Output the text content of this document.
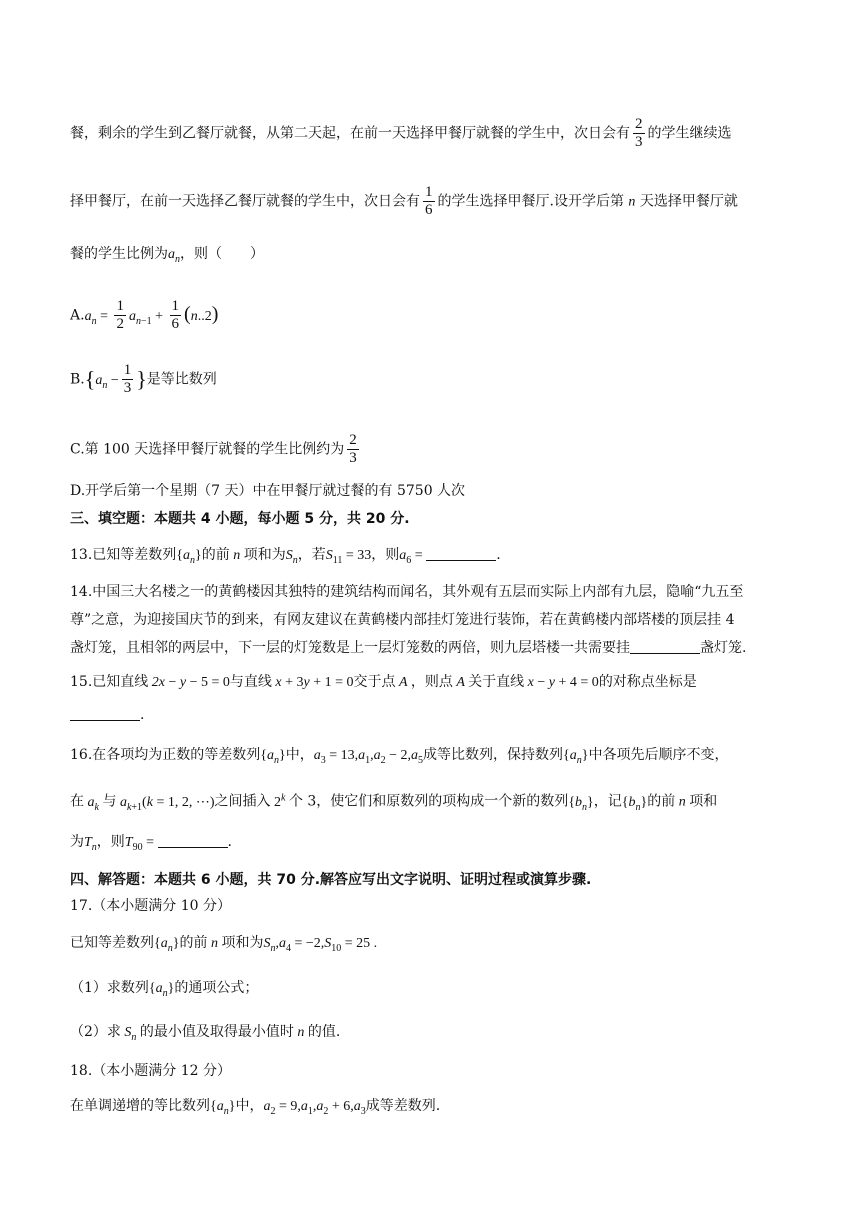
餐，剩余的学生到乙餐厅就餐，从第二天起，在前一天选择甲餐厅就餐的学生中，次日会有 $\frac{2}{3}$ 的学生继续选
择甲餐厅，在前一天选择乙餐厅就餐的学生中，次日会有 $\frac{1}{6}$ 的学生选择甲餐厅.设开学后第 n 天选择甲餐厅就
餐的学生比例为$a_n$，则（　　）
$A.a_n = \frac{1}{2} a_{n-1} + \frac{1}{6} (n..2)$
$B.\{a_n - \frac{1}{3}$ }是等比数列
C.第 100 天选择甲餐厅就餐的学生比例约为 $\frac{2}{3}$
D.开学后第一个星期（7 天）中在甲餐厅就过餐的有 5750 人次
三、填空题：本题共 4 小题，每小题 5 分，共 20 分.
13.已知等差数列$\{a_n\}$的前 n 项和为$S_n$，若$S_{11} = 33$，则$a_6$ =	.
14.中国三大名楼之一的黄鹤楼因其独特的建筑结构而闻名，其外观有五层而实际上内部有九层，隐喻“九五至
尊”之意，为迎接国庆节的到来，有网友建议在黄鹤楼内部挂灯笼进行装饰，若在黄鹤楼内部塔楼的顶层挂 4
盏灯笼，且相邻的两层中，下一层的灯笼数是上一层灯笼数的两倍，则九层塔楼一共需要挂	盏灯笼.
15.已知直线 2x − y − 5 = 0与直线 x + 3y + 1 = 0交于点 A ，则点 A 关于直线 x − y + 4 = 0的对称点坐标是
.
16.在各项均为正数的等差数列$\{a_n\}$中，$a_3 = 13,a_1,a_2 - 2,a_5$成等比数列，保持数列$\{a_n\}$中各项先后顺序不变，
在 $a_k$ 与 $a_{k+1}(k = 1$, 2, ⋯)之间插入 2$^k$ 个 3，使它们和原数列的项构成一个新的数列$\{b_n\}$，记$\{b_n\}$的前 n 项和
为$T_n$，则$T_{90}$ =	.
四、解答题：本题共 6 小题，共 70 分.解答应写出文字说明、证明过程或演算步骤.
17.（本小题满分 10 分）
已知等差数列$\{a_n\}$的前 n 项和为$S_n,a_4 = -2,S_{10} = 25$ .
（1）求数列$\{a_n\}$的通项公式；
（2）求 $S_n$ 的最小值及取得最小值时 n 的值.
18.（本小题满分 12 分）
在单调递增的等比数列$\{a_n\}$中，$a_2 = 9,a_1,a_2 + 6,a_3$成等差数列.
